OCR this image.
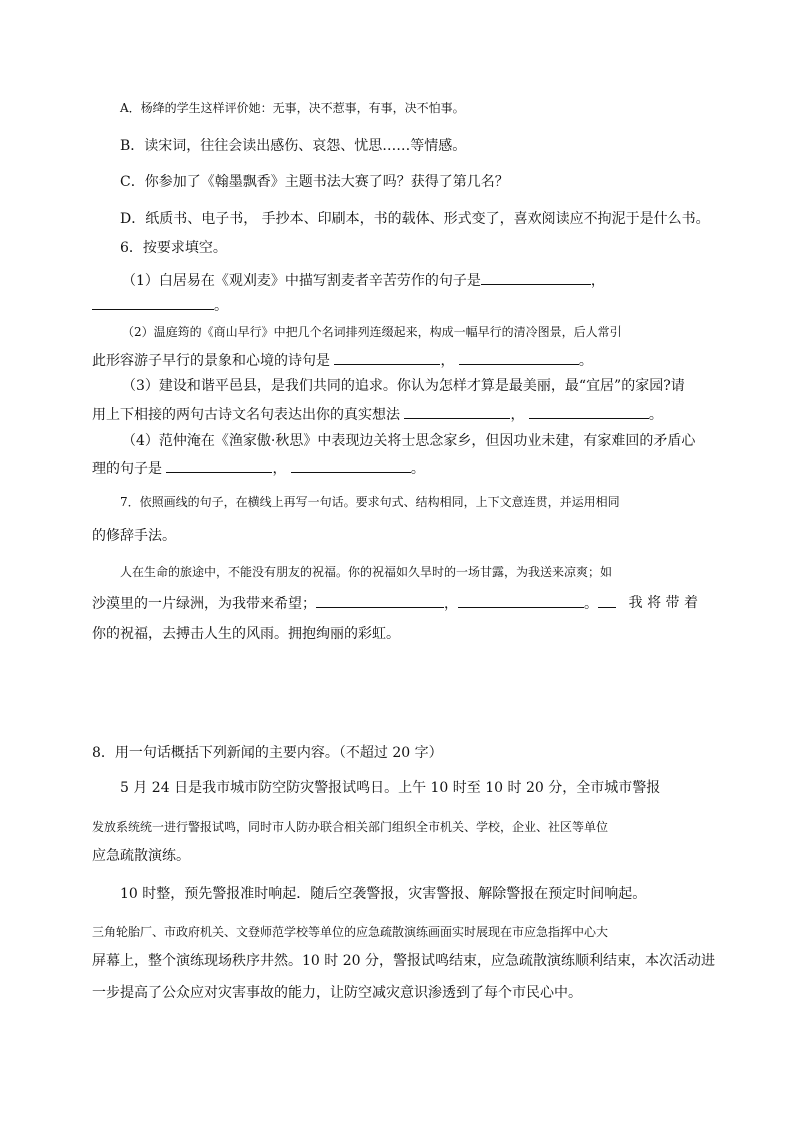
A．杨绛的学生这样评价她：无事，决不惹事，有事，决不怕事。
B．读宋词，往往会读出感伤、哀怨、忧思……等情感。
C．你参加了《翰墨飘香》主题书法大赛了吗？获得了第几名？
D．纸质书、电子书， 手抄本、印刷本，书的载体、形式变了，喜欢阅读应不拘泥于是什么书。
6．按要求填空。
（1）白居易在《观刈麦》中描写割麦者辛苦劳作的句子是	，
。
（2）温庭筠的《商山早行》中把几个名词排列连缀起来，构成一幅早行的清冷图景，后人常引
此形容游子早行的景象和心境的诗句是	，	。
（3）建设和谐平邑县，是我们共同的追求。你认为怎样才算是最美丽，最“宜居”的家园?请
用上下相接的两句古诗文名句表达出你的真实想法	，	。
（4）范仲淹在《渔家傲·秋思》中表现边关将士思念家乡，但因功业未建，有家难回的矛盾心
理的句子是	，	。
7．依照画线的句子，在横线上再写一句话。要求句式、结构相同，上下文意连贯，并运用相同
的修辞手法。
人在生命的旅途中，不能没有朋友的祝福。你的祝福如久旱时的一场甘露，为我送来凉爽；如
沙漠里的一片绿洲，为我带来希望；	，	。	我 将 带 着
你的祝福，去搏击人生的风雨。拥抱绚丽的彩虹。
8．用一句话概括下列新闻的主要内容。（不超过 20 字）
5 月 24 日是我市城市防空防灾警报试鸣日。上午 10 时至 10 时 20 分，全市城市警报
发放系统统一进行警报试鸣，同时市人防办联合相关部门组织全市机关、学校，企业、社区等单位
应急疏散演练。
10 时整，预先警报准时响起．随后空袭警报，灾害警报、解除警报在预定时间响起。
三角轮胎厂、市政府机关、文登师范学校等单位的应急疏散演练画面实时展现在市应急指挥中心大
屏幕上，整个演练现场秩序井然。10 时 20 分，警报试鸣结束，应急疏散演练顺利结束，本次活动进
一步提高了公众应对灾害事故的能力，让防空减灾意识渗透到了每个市民心中。
